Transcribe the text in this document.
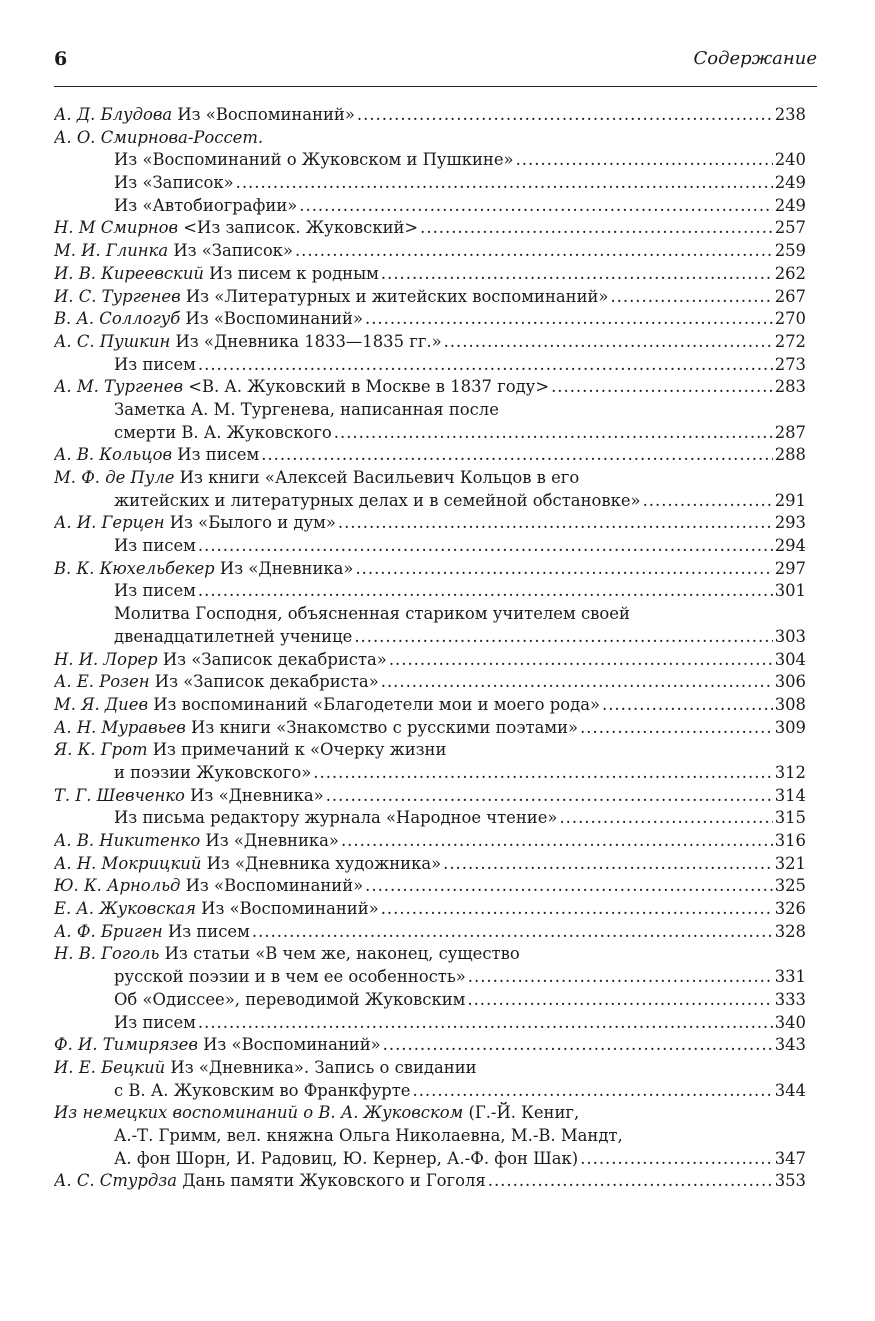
6	Содержание
А. Д. Блудова Из «Воспоминаний» .....	238
А. О. Смирнова-Россет.
Из «Воспоминаний о Жуковском и Пушкине» .....	240
Из «Записок» .....	249
Из «Автобиографии» .....	249
Н. М Смирнов <Из записок. Жуковский> .....	257
М. И. Глинка Из «Записок» .....	259
И. В. Киреевский Из писем к родным .....	262
И. С. Тургенев Из «Литературных и житейских воспоминаний» .....	267
В. А. Соллогуб Из «Воспоминаний» .....	270
А. С. Пушкин Из «Дневника 1833—1835 гг.» .....	272
Из писем .....	273
А. М. Тургенев <В. А. Жуковский в Москве в 1837 году> .....	283
Заметка А. М. Тургенева, написанная после
смерти В. А. Жуковского .....	287
А. В. Кольцов Из писем .....	288
М. Ф. де Пуле Из книги «Алексей Васильевич Кольцов в его
житейских и литературных делах и в семейной обстановке» .....	291
А. И. Герцен Из «Былого и дум» .....	293
Из писем .....	294
В. К. Кюхельбекер Из «Дневника» .....	297
Из писем .....	301
Молитва Господня, объясненная стариком учителем своей
двенадцатилетней ученице .....	303
Н. И. Лорер Из «Записок декабриста» .....	304
А. Е. Розен Из «Записок декабриста» .....	306
М. Я. Диев Из воспоминаний «Благодетели мои и моего рода» .....	308
А. Н. Муравьев Из книги «Знакомство с русскими поэтами» .....	309
Я. К. Грот Из примечаний к «Очерку жизни
и поэзии Жуковского» .....	312
Т. Г. Шевченко Из «Дневника» .....	314
Из письма редактору журнала «Народное чтение» .....	315
А. В. Никитенко Из «Дневника» .....	316
А. Н. Мокрицкий Из «Дневника художника» .....	321
Ю. К. Арнольд Из «Воспоминаний» .....	325
Е. А. Жуковская Из «Воспоминаний» .....	326
А. Ф. Бриген Из писем .....	328
Н. В. Гоголь Из статьи «В чем же, наконец, существо
русской поэзии и в чем ее особенность» .....	331
Об «Одиссее», переводимой Жуковским .....	333
Из писем .....	340
Ф. И. Тимирязев Из «Воспоминаний» .....	343
И. Е. Бецкий Из «Дневника». Запись о свидании
с В. А. Жуковским во Франкфурте .....	344
Из немецких воспоминаний о В. А. Жуковском (Г.-Й. Кениг,
А.-Т. Гримм, вел. княжна Ольга Николаевна, М.-В. Мандт,
А. фон Шорн, И. Радовиц, Ю. Кернер, А.-Ф. фон Шак) .....	347
А. С. Стурдза Дань памяти Жуковского и Гоголя .....	353
